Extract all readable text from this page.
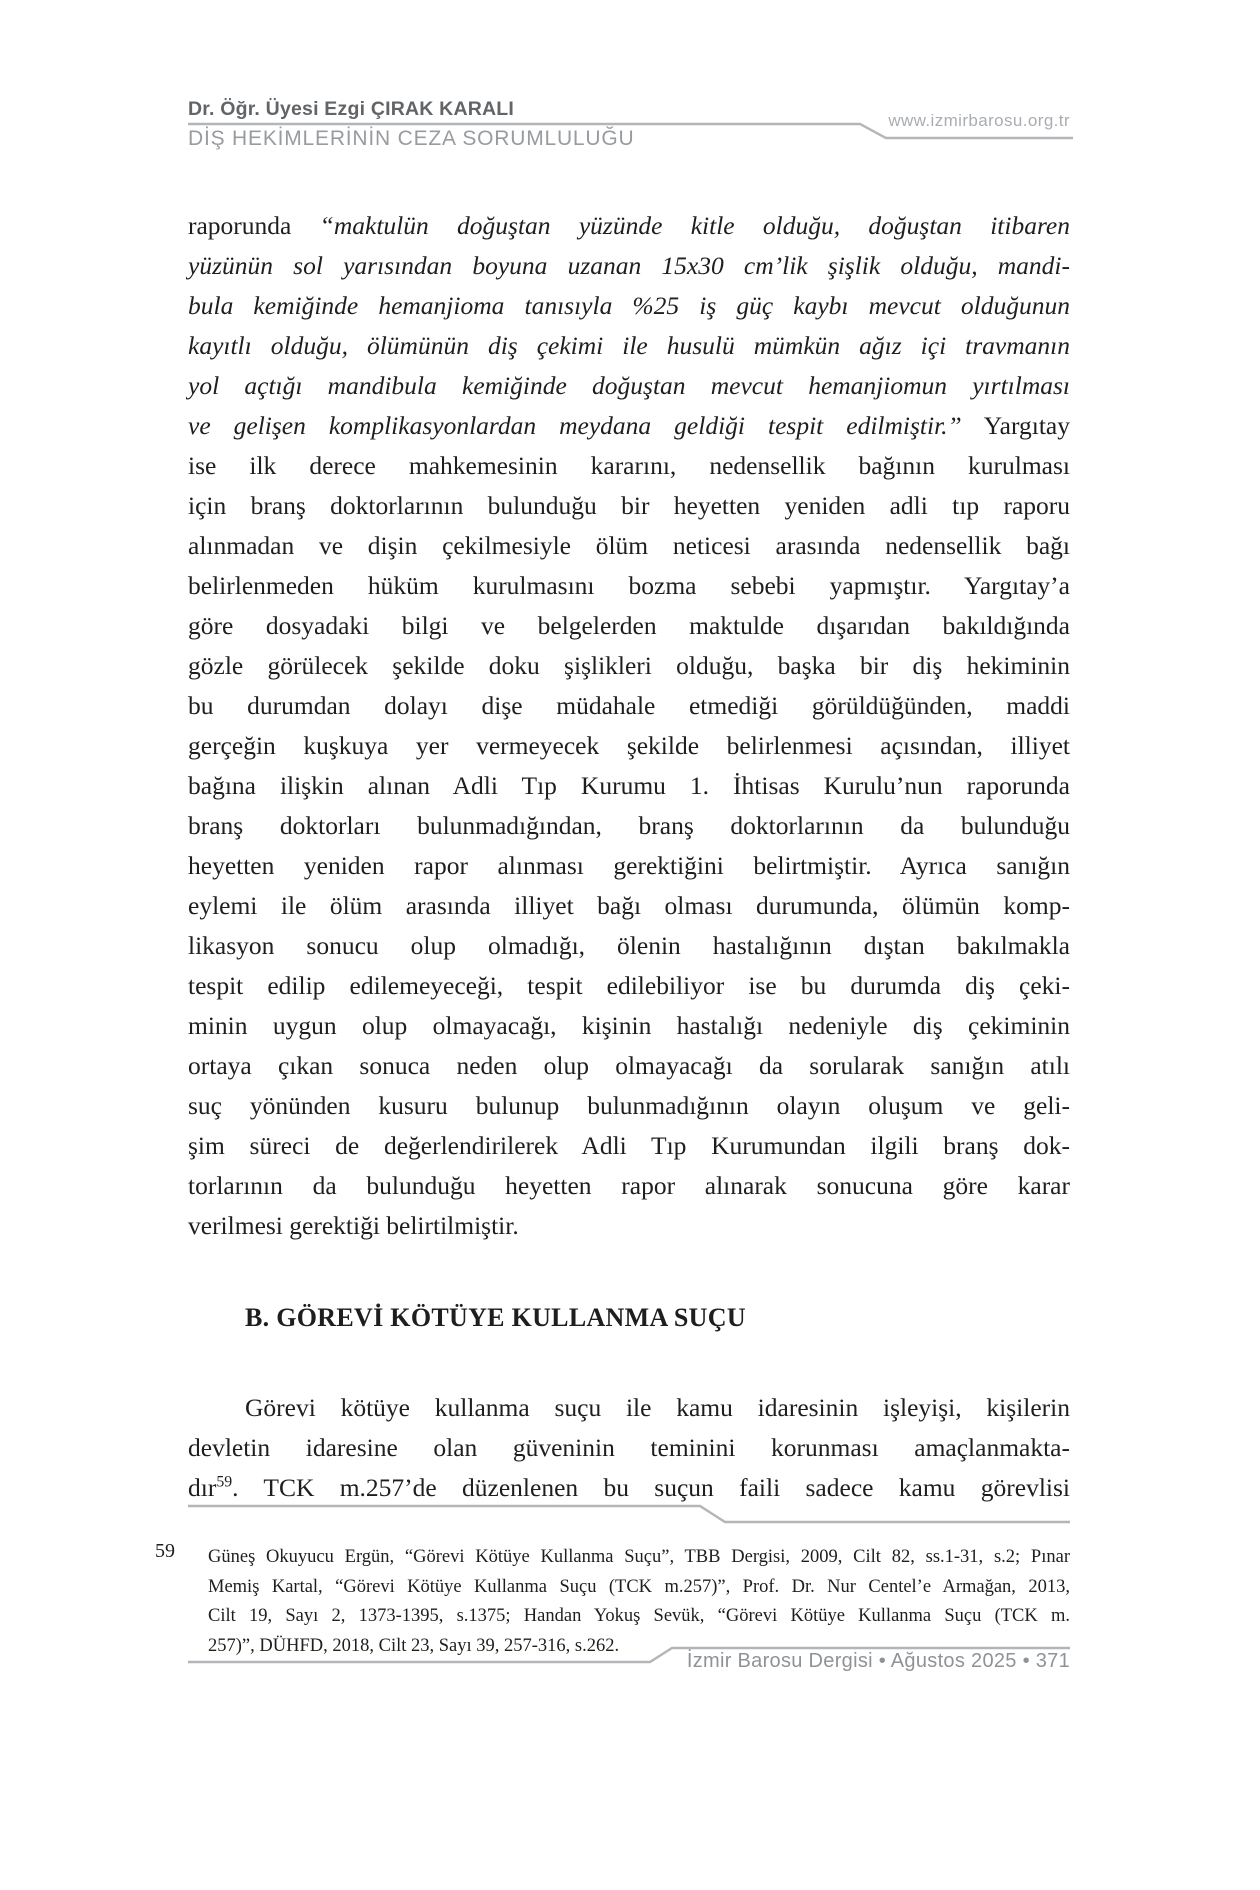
Dr. Öğr. Üyesi Ezgi ÇIRAK KARALI
DİŞ HEKİMLERİNİN CEZA SORUMLULUĞU
www.izmirbarosu.org.tr
raporunda “maktulün doğuştan yüzünde kitle olduğu, doğuştan itibaren
yüzünün sol yarısından boyuna uzanan 15x30 cm’lik şişlik olduğu, mandi-
bula kemiğinde hemanjioma tanısıyla %25 iş güç kaybı mevcut olduğunun
kayıtlı olduğu, ölümünün diş çekimi ile husulü mümkün ağız içi travmanın
yol açtığı mandibula kemiğinde doğuştan mevcut hemanjiomun yırtılması
ve gelişen komplikasyonlardan meydana geldiği tespit edilmiştir.” Yargıtay
ise ilk derece mahkemesinin kararını, nedensellik bağının kurulması
için branş doktorlarının bulunduğu bir heyetten yeniden adli tıp raporu
alınmadan ve dişin çekilmesiyle ölüm neticesi arasında nedensellik bağı
belirlenmeden hüküm kurulmasını bozma sebebi yapmıştır. Yargıtay’a
göre dosyadaki bilgi ve belgelerden maktulde dışarıdan bakıldığında
gözle görülecek şekilde doku şişlikleri olduğu, başka bir diş hekiminin
bu durumdan dolayı dişe müdahale etmediği görüldüğünden, maddi
gerçeğin kuşkuya yer vermeyecek şekilde belirlenmesi açısından, illiyet
bağına ilişkin alınan Adli Tıp Kurumu 1. İhtisas Kurulu’nun raporunda
branş doktorları bulunmadığından, branş doktorlarının da bulunduğu
heyetten yeniden rapor alınması gerektiğini belirtmiştir. Ayrıca sanığın
eylemi ile ölüm arasında illiyet bağı olması durumunda, ölümün komp-
likasyon sonucu olup olmadığı, ölenin hastalığının dıştan bakılmakla
tespit edilip edilemeyeceği, tespit edilebiliyor ise bu durumda diş çeki-
minin uygun olup olmayacağı, kişinin hastalığı nedeniyle diş çekiminin
ortaya çıkan sonuca neden olup olmayacağı da sorularak sanığın atılı
suç yönünden kusuru bulunup bulunmadığının olayın oluşum ve geli-
şim süreci de değerlendirilerek Adli Tıp Kurumundan ilgili branş dok-
torlarının da bulunduğu heyetten rapor alınarak sonucuna göre karar
verilmesi gerektiği belirtilmiştir.
B. GÖREVİ KÖTÜYE KULLANMA SUÇU
Görevi kötüye kullanma suçu ile kamu idaresinin işleyişi, kişilerin
devletin idaresine olan güveninin teminini korunması amaçlanmakta-
dır$^{59}$. TCK m.257’de düzenlenen bu suçun faili sadece kamu görevlisi
59 Güneş Okuyucu Ergün, “Görevi Kötüye Kullanma Suçu”, TBB Dergisi, 2009, Cilt 82, ss.1-31, s.2; Pınar
Memiş Kartal, “Görevi Kötüye Kullanma Suçu (TCK m.257)”, Prof. Dr. Nur Centel’e Armağan, 2013,
Cilt 19, Sayı 2, 1373-1395, s.1375; Handan Yokuş Sevük, “Görevi Kötüye Kullanma Suçu (TCK m.
257)”, DÜHFD, 2018, Cilt 23, Sayı 39, 257-316, s.262.
İzmir Barosu Dergisi • Ağustos 2025 • 371
